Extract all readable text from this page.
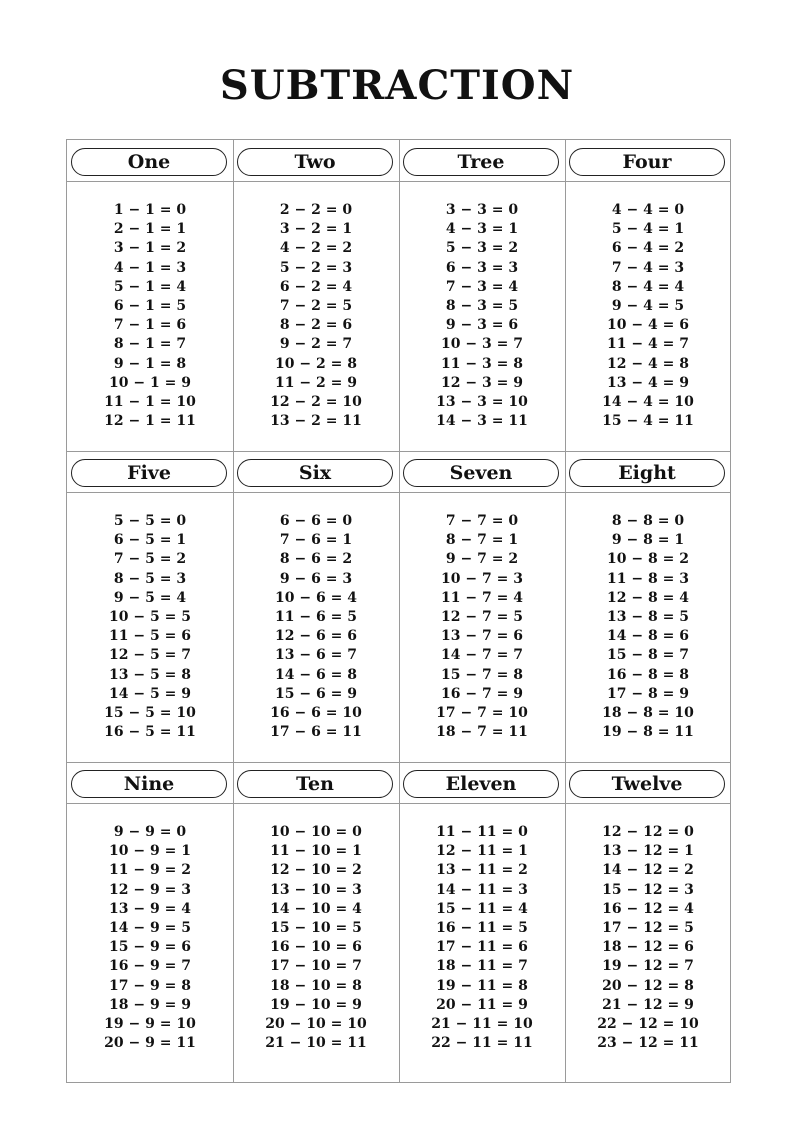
SUBTRACTION
One
1 − 1 = 0
2 − 1 = 1
3 − 1 = 2
4 − 1 = 3
5 − 1 = 4
6 − 1 = 5
7 − 1 = 6
8 − 1 = 7
9 − 1 = 8
10 − 1 = 9
11 − 1 = 10
12 − 1 = 11
Two
2 − 2 = 0
3 − 2 = 1
4 − 2 = 2
5 − 2 = 3
6 − 2 = 4
7 − 2 = 5
8 − 2 = 6
9 − 2 = 7
10 − 2 = 8
11 − 2 = 9
12 − 2 = 10
13 − 2 = 11
Tree
3 − 3 = 0
4 − 3 = 1
5 − 3 = 2
6 − 3 = 3
7 − 3 = 4
8 − 3 = 5
9 − 3 = 6
10 − 3 = 7
11 − 3 = 8
12 − 3 = 9
13 − 3 = 10
14 − 3 = 11
Four
4 − 4 = 0
5 − 4 = 1
6 − 4 = 2
7 − 4 = 3
8 − 4 = 4
9 − 4 = 5
10 − 4 = 6
11 − 4 = 7
12 − 4 = 8
13 − 4 = 9
14 − 4 = 10
15 − 4 = 11
Five
5 − 5 = 0
6 − 5 = 1
7 − 5 = 2
8 − 5 = 3
9 − 5 = 4
10 − 5 = 5
11 − 5 = 6
12 − 5 = 7
13 − 5 = 8
14 − 5 = 9
15 − 5 = 10
16 − 5 = 11
Six
6 − 6 = 0
7 − 6 = 1
8 − 6 = 2
9 − 6 = 3
10 − 6 = 4
11 − 6 = 5
12 − 6 = 6
13 − 6 = 7
14 − 6 = 8
15 − 6 = 9
16 − 6 = 10
17 − 6 = 11
Seven
7 − 7 = 0
8 − 7 = 1
9 − 7 = 2
10 − 7 = 3
11 − 7 = 4
12 − 7 = 5
13 − 7 = 6
14 − 7 = 7
15 − 7 = 8
16 − 7 = 9
17 − 7 = 10
18 − 7 = 11
Eight
8 − 8 = 0
9 − 8 = 1
10 − 8 = 2
11 − 8 = 3
12 − 8 = 4
13 − 8 = 5
14 − 8 = 6
15 − 8 = 7
16 − 8 = 8
17 − 8 = 9
18 − 8 = 10
19 − 8 = 11
Nine
9 − 9 = 0
10 − 9 = 1
11 − 9 = 2
12 − 9 = 3
13 − 9 = 4
14 − 9 = 5
15 − 9 = 6
16 − 9 = 7
17 − 9 = 8
18 − 9 = 9
19 − 9 = 10
20 − 9 = 11
Ten
10 − 10 = 0
11 − 10 = 1
12 − 10 = 2
13 − 10 = 3
14 − 10 = 4
15 − 10 = 5
16 − 10 = 6
17 − 10 = 7
18 − 10 = 8
19 − 10 = 9
20 − 10 = 10
21 − 10 = 11
Eleven
11 − 11 = 0
12 − 11 = 1
13 − 11 = 2
14 − 11 = 3
15 − 11 = 4
16 − 11 = 5
17 − 11 = 6
18 − 11 = 7
19 − 11 = 8
20 − 11 = 9
21 − 11 = 10
22 − 11 = 11
Twelve
12 − 12 = 0
13 − 12 = 1
14 − 12 = 2
15 − 12 = 3
16 − 12 = 4
17 − 12 = 5
18 − 12 = 6
19 − 12 = 7
20 − 12 = 8
21 − 12 = 9
22 − 12 = 10
23 − 12 = 11
